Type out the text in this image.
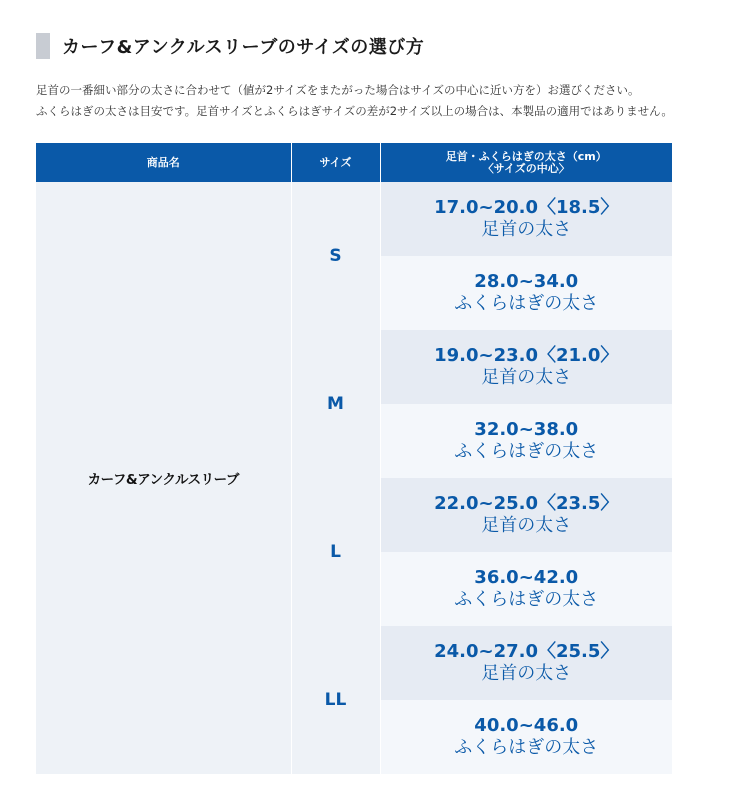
カーフ&アンクルスリーブのサイズの選び方
足首の一番細い部分の太さに合わせて（値が2サイズをまたがった場合はサイズの中心に近い方を）お選びください。
ふくらはぎの太さは目安です。足首サイズとふくらはぎサイズの差が2サイズ以上の場合は、本製品の適用ではありません。
商品名	サイズ	足首・ふくらはぎの太さ（cm）
〈サイズの中心〉

カーフ&アンクルスリーブ	S	17.0~20.0〈18.5〉
足首の太さ

		28.0~34.0
ふくらはぎの太さ

	M	19.0~23.0〈21.0〉
足首の太さ

		32.0~38.0
ふくらはぎの太さ

	L	22.0~25.0〈23.5〉
足首の太さ

		36.0~42.0
ふくらはぎの太さ

	LL	24.0~27.0〈25.5〉
足首の太さ

		40.0~46.0
ふくらはぎの太さ
